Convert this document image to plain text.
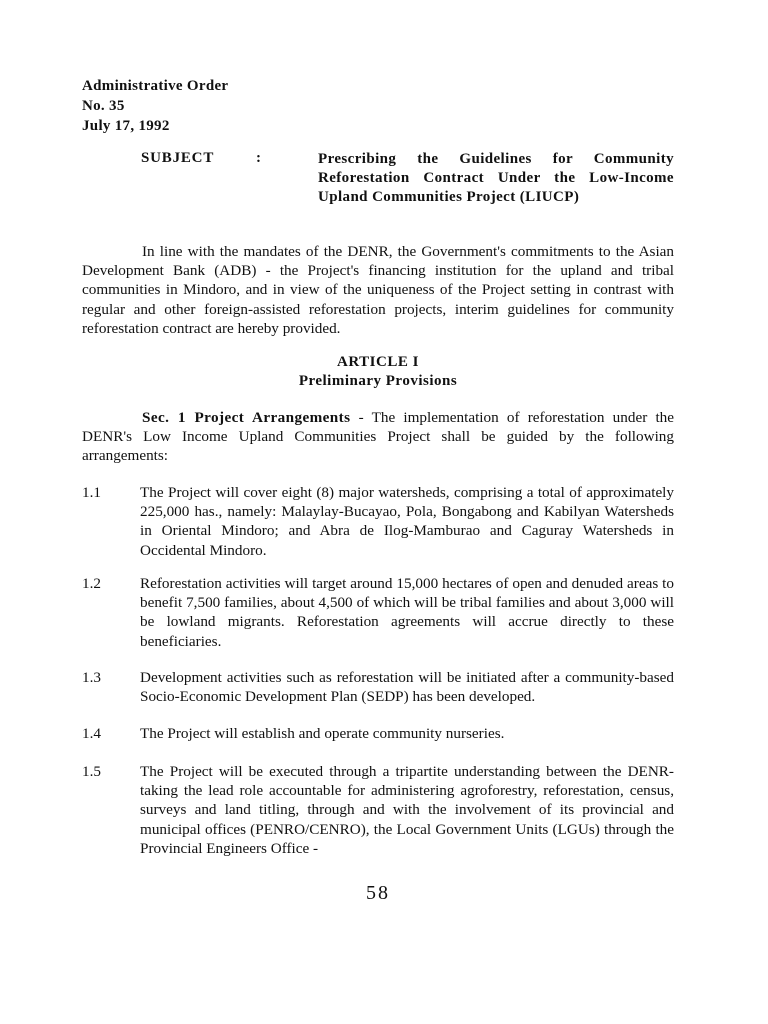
Administrative Order
No. 35
July 17, 1992
SUBJECT	:	Prescribing the Guidelines for Community Reforestation Contract Under the Low-Income Upland Communities Project (LIUCP)
In line with the mandates of the DENR, the Government's commitments to the Asian Development Bank (ADB) - the Project's financing institution for the upland and tribal communities in Mindoro, and in view of the uniqueness of the Project setting in contrast with regular and other foreign-assisted reforestation projects, interim guidelines for community reforestation contract are hereby provided.
ARTICLE I
Preliminary Provisions
Sec. 1 Project Arrangements - The implementation of reforestation under the DENR's Low Income Upland Communities Project shall be guided by the following arrangements:
1.1	The Project will cover eight (8) major watersheds, comprising a total of approximately 225,000 has., namely: Malaylay-Bucayao, Pola, Bongabong and Kabilyan Watersheds in Oriental Mindoro; and Abra de Ilog-Mamburao and Caguray Watersheds in Occidental Mindoro.
1.2	Reforestation activities will target around 15,000 hectares of open and denuded areas to benefit 7,500 families, about 4,500 of which will be tribal families and about 3,000 will be lowland migrants. Reforestation agreements will accrue directly to these beneficiaries.
1.3	Development activities such as reforestation will be initiated after a community-based Socio-Economic Development Plan (SEDP) has been developed.
1.4	The Project will establish and operate community nurseries.
1.5	The Project will be executed through a tripartite understanding between the DENR-taking the lead role accountable for administering agroforestry, reforestation, census, surveys and land titling, through and with the involvement of its provincial and municipal offices (PENRO/CENRO), the Local Government Units (LGUs) through the Provincial Engineers Office -
58
